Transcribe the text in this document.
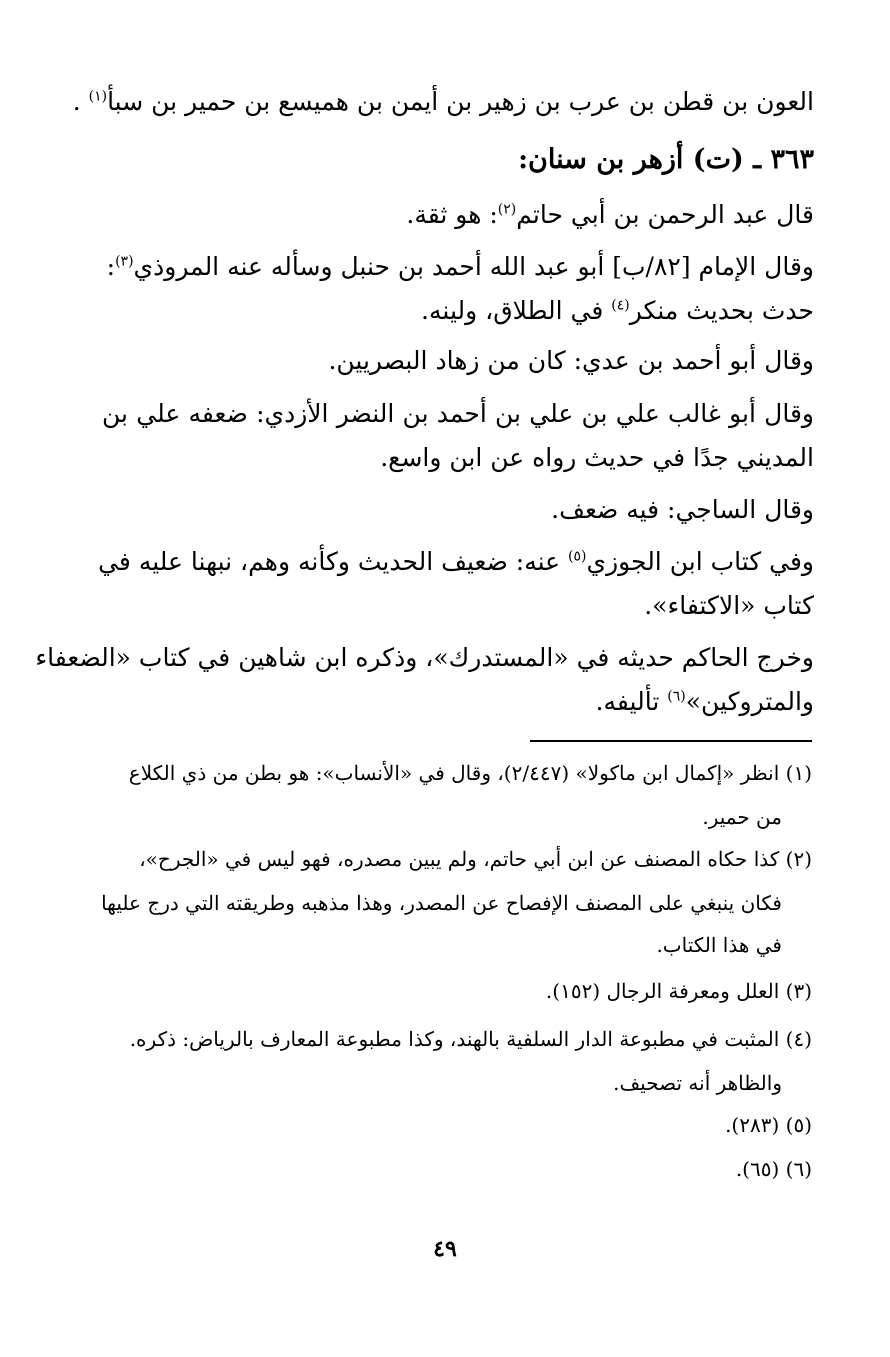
العون بن قطن بن عرب بن زهير بن أيمن بن هميسع بن حمير بن سبأ$^{(١)}$ .
٣٦٣ ـ (ت) أزهر بن سنان:
قال عبد الرحمن بن أبي حاتم$^{(٢)}$: هو ثقة.
وقال الإمام [٨٢/ب] أبو عبد الله أحمد بن حنبل وسأله عنه المروذي$^{(٣)}$:
حدث بحديث منكر$^{(٤)}$ في الطلاق، ولينه.
وقال أبو أحمد بن عدي: كان من زهاد البصريين.
وقال أبو غالب علي بن علي بن أحمد بن النضر الأزدي: ضعفه علي بن
المديني جدًا في حديث رواه عن ابن واسع.
وقال الساجي: فيه ضعف.
وفي كتاب ابن الجوزي$^{(٥)}$ عنه: ضعيف الحديث وكأنه وهم، نبهنا عليه في
كتاب «الاكتفاء».
وخرج الحاكم حديثه في «المستدرك»، وذكره ابن شاهين في كتاب «الضعفاء
والمتروكين»$^{(٦)}$ تأليفه.
(١) انظر «إكمال ابن ماكولا» (٢/٤٤٧)، وقال في «الأنساب»: هو بطن من ذي الكلاع
من حمير.
(٢) كذا حكاه المصنف عن ابن أبي حاتم، ولم يبين مصدره، فهو ليس في «الجرح»،
فكان ينبغي على المصنف الإفصاح عن المصدر، وهذا مذهبه وطريقته التي درج عليها
في هذا الكتاب.
(٣) العلل ومعرفة الرجال (١٥٢).
(٤) المثبت في مطبوعة الدار السلفية بالهند، وكذا مطبوعة المعارف بالرياض: ذكره.
والظاهر أنه تصحيف.
(٥) (٢٨٣).
(٦) (٦٥).
٤٩
